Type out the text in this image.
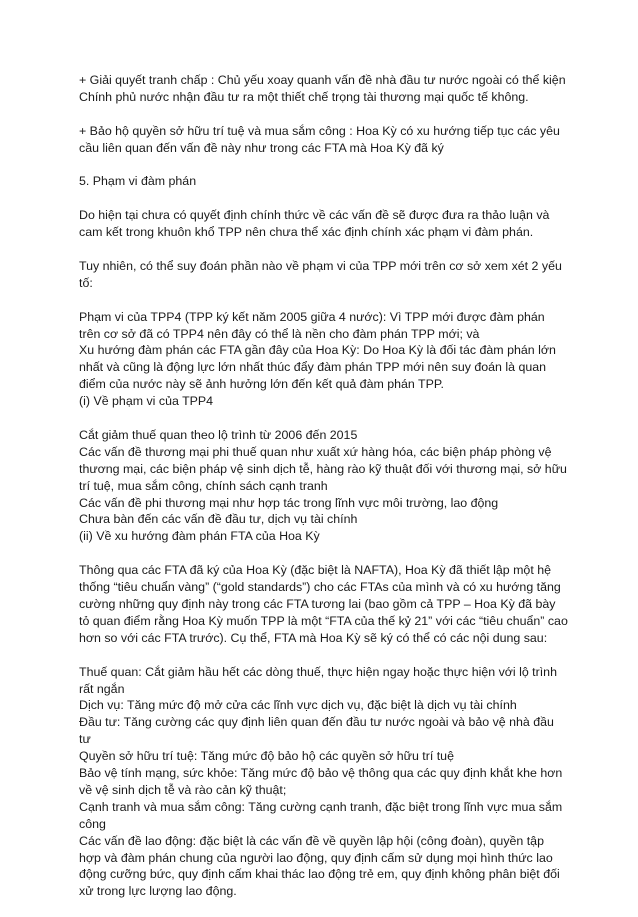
+ Giải quyết tranh chấp : Chủ yếu xoay quanh vấn đề nhà đầu tư nước ngoài có thể kiện Chính phủ nước nhận đầu tư ra một thiết chế trọng tài thương mại quốc tế không.

+ Bảo hộ quyền sở hữu trí tuệ và mua sắm công : Hoa Kỳ có xu hướng tiếp tục các yêu cầu liên quan đến vấn đề này như trong các FTA mà Hoa Kỳ đã ký

5. Phạm vi đàm phán

Do hiện tại chưa có quyết định chính thức về các vấn đề sẽ được đưa ra thảo luận và cam kết trong khuôn khổ TPP nên chưa thể xác định chính xác phạm vi đàm phán.

Tuy nhiên, có thể suy đoán phần nào về phạm vi của TPP mới trên cơ sở xem xét 2 yếu tố:

Phạm vi của TPP4 (TPP ký kết năm 2005 giữa 4 nước): Vì TPP mới được đàm phán trên cơ sở đã có TPP4 nên đây có thể là nền cho đàm phán TPP mới; và

Xu hướng đàm phán các FTA gần đây của Hoa Kỳ: Do Hoa Kỳ là đối tác đàm phán lớn nhất và cũng là động lực lớn nhất thúc đẩy đàm phán TPP mới nên suy đoán là quan điểm của nước này sẽ ảnh hưởng lớn đến kết quả đàm phán TPP.

(i) Về phạm vi của TPP4

Cắt giảm thuế quan theo lộ trình từ 2006 đến 2015

Các vấn đề thương mại phi thuế quan như xuất xứ hàng hóa, các biện pháp phòng vệ thương mại, các biện pháp vệ sinh dịch tễ, hàng rào kỹ thuật đối với thương mại, sở hữu trí tuệ, mua sắm công, chính sách cạnh tranh

Các vấn đề phi thương mại như hợp tác trong lĩnh vực môi trường, lao động

Chưa bàn đến các vấn đề đầu tư, dịch vụ tài chính

(ii) Về xu hướng đàm phán FTA của Hoa Kỳ

Thông qua các FTA đã ký của Hoa Kỳ (đặc biệt là NAFTA), Hoa Kỳ đã thiết lập một hệ thống “tiêu chuẩn vàng” (“gold standards”) cho các FTAs của mình và có xu hướng tăng cường những quy định này trong các FTA tương lai (bao gồm cả TPP – Hoa Kỳ đã bày tỏ quan điểm rằng Hoa Kỳ muốn TPP là một “FTA của thế kỷ 21” với các “tiêu chuẩn” cao hơn so với các FTA trước). Cụ thể, FTA mà Hoa Kỳ sẽ ký có thể có các nội dung sau:

Thuế quan: Cắt giảm hầu hết các dòng thuế, thực hiện ngay hoặc thực hiện với lộ trình rất ngắn

Dịch vụ: Tăng mức độ mở cửa các lĩnh vực dịch vụ, đặc biệt là dịch vụ tài chính

Đầu tư: Tăng cường các quy định liên quan đến đầu tư nước ngoài và bảo vệ nhà đầu tư

Quyền sở hữu trí tuệ: Tăng mức độ bảo hộ các quyền sở hữu trí tuệ

Bảo vệ tính mạng, sức khỏe: Tăng mức độ bảo vệ thông qua các quy định khắt khe hơn về vệ sinh dịch tễ và rào cản kỹ thuật;

Cạnh tranh và mua sắm công: Tăng cường cạnh tranh, đặc biệt trong lĩnh vực mua sắm công

Các vấn đề lao động: đặc biệt là các vấn đề về quyền lập hội (công đoàn), quyền tập hợp và đàm phán chung của người lao động, quy định cấm sử dụng mọi hình thức lao động cưỡng bức, quy định cấm khai thác lao động trẻ em, quy định không phân biệt đối xử trong lực lượng lao động.
